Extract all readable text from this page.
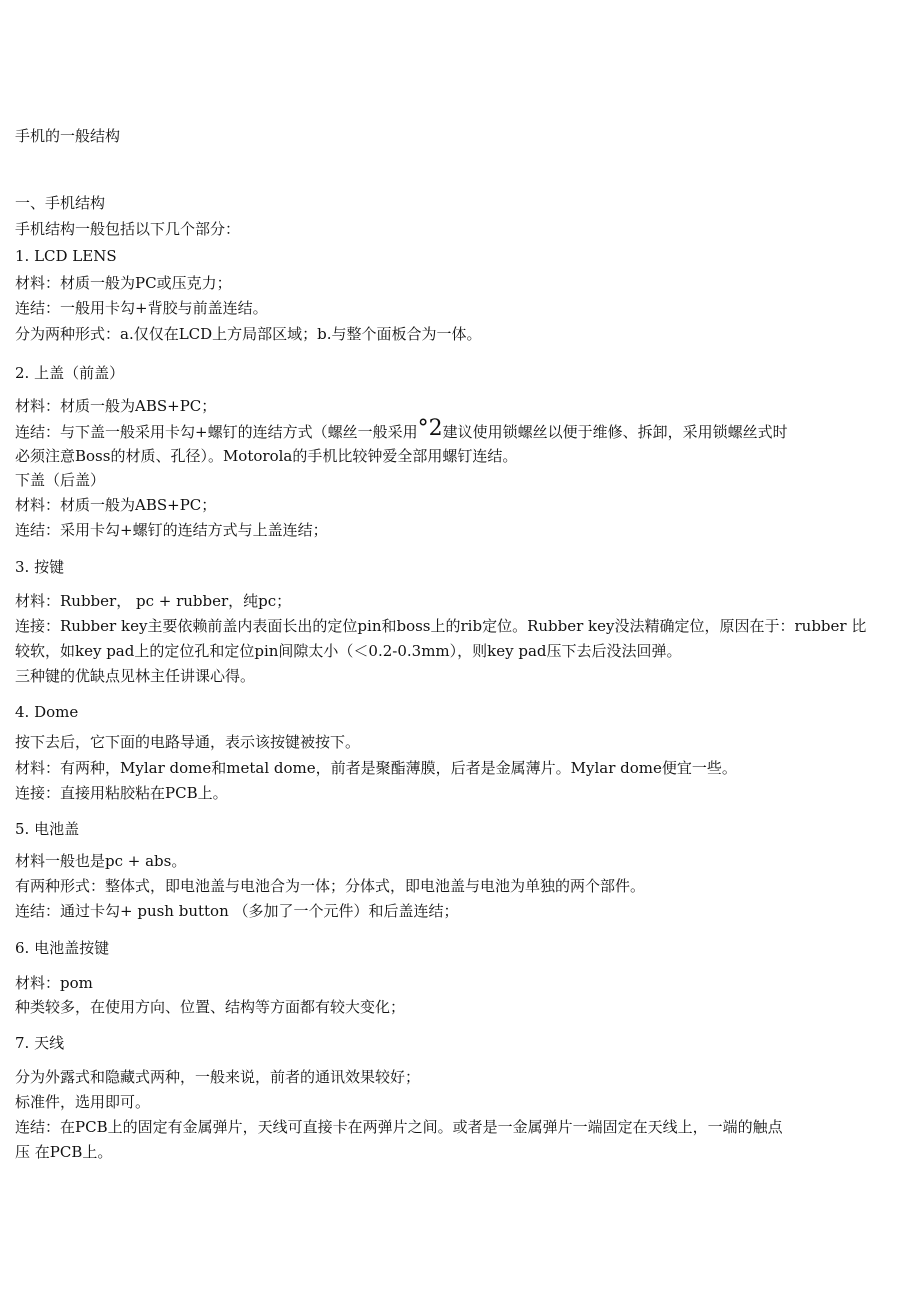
手机的一般结构
一、手机结构
手机结构一般包括以下几个部分：
1. LCD LENS
材料：材质一般为PC或压克力；
连结：一般用卡勾+背胶与前盖连结。
分为两种形式：a.仅仅在LCD上方局部区域；b.与整个面板合为一体。
2. 上盖（前盖）
材料：材质一般为ABS+PC；
连结：与下盖一般采用卡勾+螺钉的连结方式（螺丝一般采用°2建议使用锁螺丝以便于维修、拆卸，采用锁螺丝式时
必须注意Boss的材质、孔径）。Motorola的手机比较钟爱全部用螺钉连结。
下盖（后盖）
材料：材质一般为ABS+PC；
连结：采用卡勾+螺钉的连结方式与上盖连结；
3. 按键
材料：Rubber， pc + rubber，纯pc；
连接：Rubber key主要依赖前盖内表面长出的定位pin和boss上的rib定位。Rubber key没法精确定位，原因在于：rubber 比
较软，如key pad上的定位孔和定位pin间隙太小（＜0.2-0.3mm），则key pad压下去后没法回弹。
三种键的优缺点见林主任讲课心得。
4. Dome
按下去后，它下面的电路导通，表示该按键被按下。
材料：有两种，Mylar dome和metal dome，前者是聚酯薄膜，后者是金属薄片。Mylar dome便宜一些。
连接：直接用粘胶粘在PCB上。
5. 电池盖
材料一般也是pc + abs。
有两种形式：整体式，即电池盖与电池合为一体；分体式，即电池盖与电池为单独的两个部件。
连结：通过卡勾+ push button （多加了一个元件）和后盖连结；
6. 电池盖按键
材料：pom
种类较多，在使用方向、位置、结构等方面都有较大变化；
7. 天线
分为外露式和隐藏式两种，一般来说，前者的通讯效果较好；
标准件，选用即可。
连结：在PCB上的固定有金属弹片，天线可直接卡在两弹片之间。或者是一金属弹片一端固定在天线上，一端的触点
压 在PCB上。
